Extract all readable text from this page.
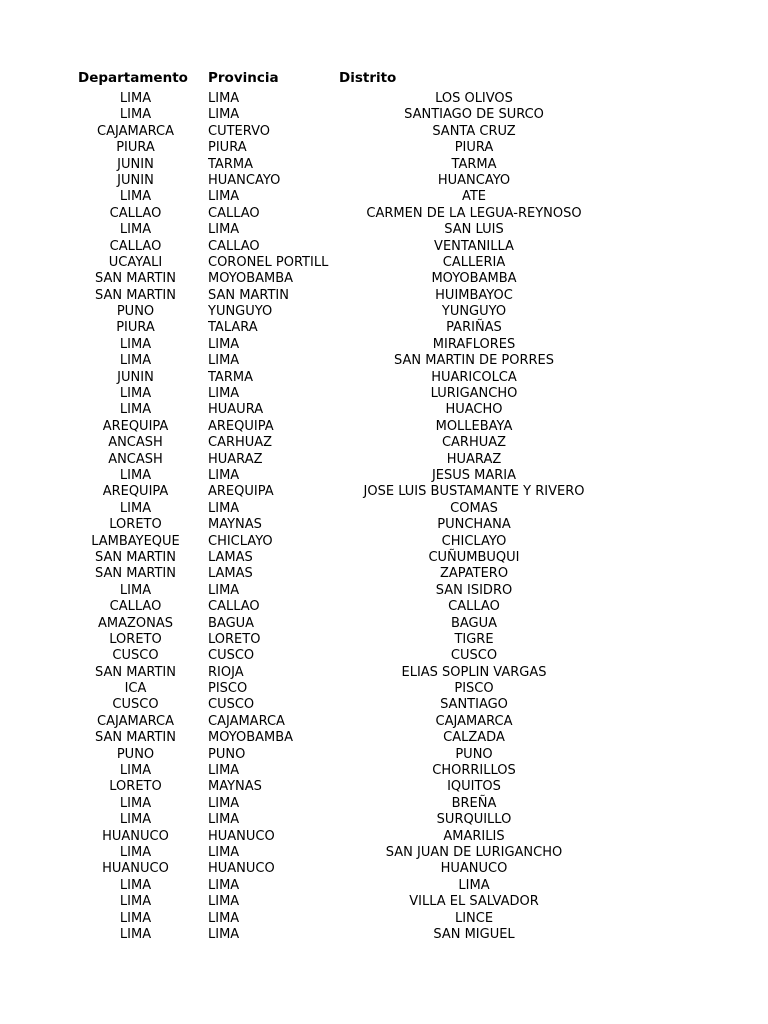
Departamento	Provincia	Distrito
LIMA	LIMA	LOS OLIVOS
LIMA	LIMA	SANTIAGO DE SURCO
CAJAMARCA	CUTERVO	SANTA CRUZ
PIURA	PIURA	PIURA
JUNIN	TARMA	TARMA
JUNIN	HUANCAYO	HUANCAYO
LIMA	LIMA	ATE
CALLAO	CALLAO	CARMEN DE LA LEGUA-REYNOSO
LIMA	LIMA	SAN LUIS
CALLAO	CALLAO	VENTANILLA
UCAYALI	CORONEL PORTILL	CALLERIA
SAN MARTIN	MOYOBAMBA	MOYOBAMBA
SAN MARTIN	SAN MARTIN	HUIMBAYOC
PUNO	YUNGUYO	YUNGUYO
PIURA	TALARA	PARIÑAS
LIMA	LIMA	MIRAFLORES
LIMA	LIMA	SAN MARTIN DE PORRES
JUNIN	TARMA	HUARICOLCA
LIMA	LIMA	LURIGANCHO
LIMA	HUAURA	HUACHO
AREQUIPA	AREQUIPA	MOLLEBAYA
ANCASH	CARHUAZ	CARHUAZ
ANCASH	HUARAZ	HUARAZ
LIMA	LIMA	JESUS MARIA
AREQUIPA	AREQUIPA	JOSE LUIS BUSTAMANTE Y RIVERO
LIMA	LIMA	COMAS
LORETO	MAYNAS	PUNCHANA
LAMBAYEQUE	CHICLAYO	CHICLAYO
SAN MARTIN	LAMAS	CUÑUMBUQUI
SAN MARTIN	LAMAS	ZAPATERO
LIMA	LIMA	SAN ISIDRO
CALLAO	CALLAO	CALLAO
AMAZONAS	BAGUA	BAGUA
LORETO	LORETO	TIGRE
CUSCO	CUSCO	CUSCO
SAN MARTIN	RIOJA	ELIAS SOPLIN VARGAS
ICA	PISCO	PISCO
CUSCO	CUSCO	SANTIAGO
CAJAMARCA	CAJAMARCA	CAJAMARCA
SAN MARTIN	MOYOBAMBA	CALZADA
PUNO	PUNO	PUNO
LIMA	LIMA	CHORRILLOS
LORETO	MAYNAS	IQUITOS
LIMA	LIMA	BREÑA
LIMA	LIMA	SURQUILLO
HUANUCO	HUANUCO	AMARILIS
LIMA	LIMA	SAN JUAN DE LURIGANCHO
HUANUCO	HUANUCO	HUANUCO
LIMA	LIMA	LIMA
LIMA	LIMA	VILLA EL SALVADOR
LIMA	LIMA	LINCE
LIMA	LIMA	SAN MIGUEL
